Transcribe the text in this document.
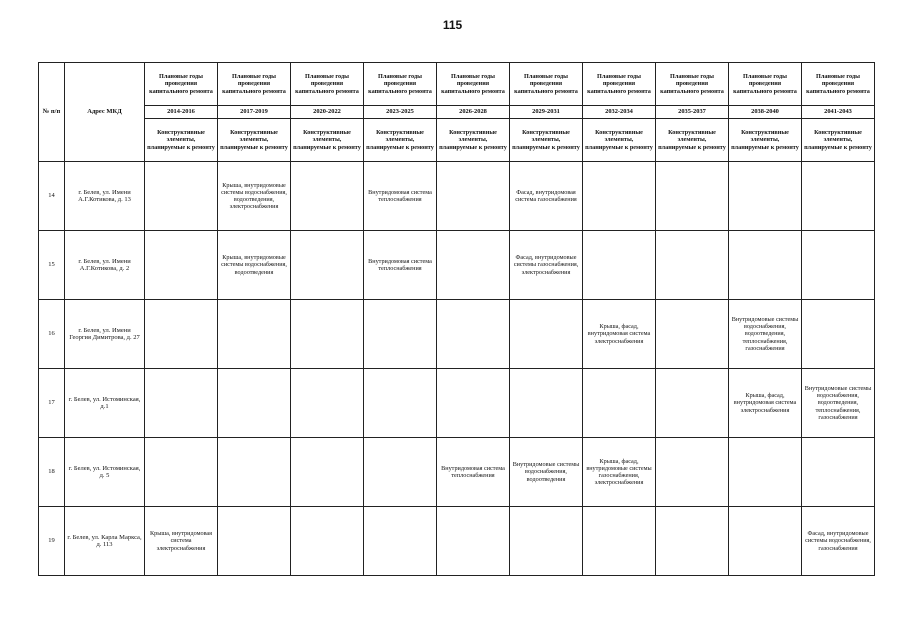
115
№ п/п	Адрес МКД	Плановые годы проведения капитального ремонта	Плановые годы проведения капитального ремонта	Плановые годы проведения капитального ремонта	Плановые годы проведения капитального ремонта	Плановые годы проведения капитального ремонта	Плановые годы проведения капитального ремонта	Плановые годы проведения капитального ремонта	Плановые годы проведения капитального ремонта	Плановые годы проведения капитального ремонта	Плановые годы проведения капитального ремонта
		2014-2016	2017-2019	2020-2022	2023-2025	2026-2028	2029-2031	2032-2034	2035-2037	2038-2040	2041-2043
		Конструктивные элементы, планируемые к ремонту	Конструктивные элементы, планируемые к ремонту	Конструктивные элементы, планируемые к ремонту	Конструктивные элементы, планируемые к ремонту	Конструктивные элементы, планируемые к ремонту	Конструктивные элементы, планируемые к ремонту	Конструктивные элементы, планируемые к ремонту	Конструктивные элементы, планируемые к ремонту	Конструктивные элементы, планируемые к ремонту	Конструктивные элементы, планируемые к ремонту
14	г. Белев, ул. Имени А.Г.Котикова, д. 13		Крыша, внутридомовые системы водоснабжения, водоотведения, электроснабжения		Внутридомовая система теплоснабжения		Фасад, внутридомовая система газоснабжения				
15	г. Белев, ул. Имени А.Г.Котикова, д. 2		Крыша, внутридомовые системы водоснабжения, водоотведения		Внутридомовая система теплоснабжения		Фасад, внутридомовые системы газоснабжения, электроснабжения				
16	г. Белев, ул. Имени Георгия Димитрова, д. 27							Крыша, фасад, внутридомовая система электроснабжения		Внутридомовые системы водоснабжения, водоотведения, теплоснабжения, газоснабжения	
17	г. Белев, ул. Истоминская, д.1									Крыша, фасад, внутридомовая система электроснабжения	Внутридомовые системы водоснабжения, водоотведения, теплоснабжения, газоснабжения
18	г. Белев, ул. Истоминская, д. 5					Внутридомовая система теплоснабжения	Внутридомовые системы водоснабжения, водоотведения	Крыша, фасад, внутридомовые системы газоснабжения, электроснабжения			
19	г. Белев, ул. Карла Маркса, д. 113	Крыша, внутридомовая система электроснабжения									Фасад, внутридомовые системы водоснабжения, газоснабжения
